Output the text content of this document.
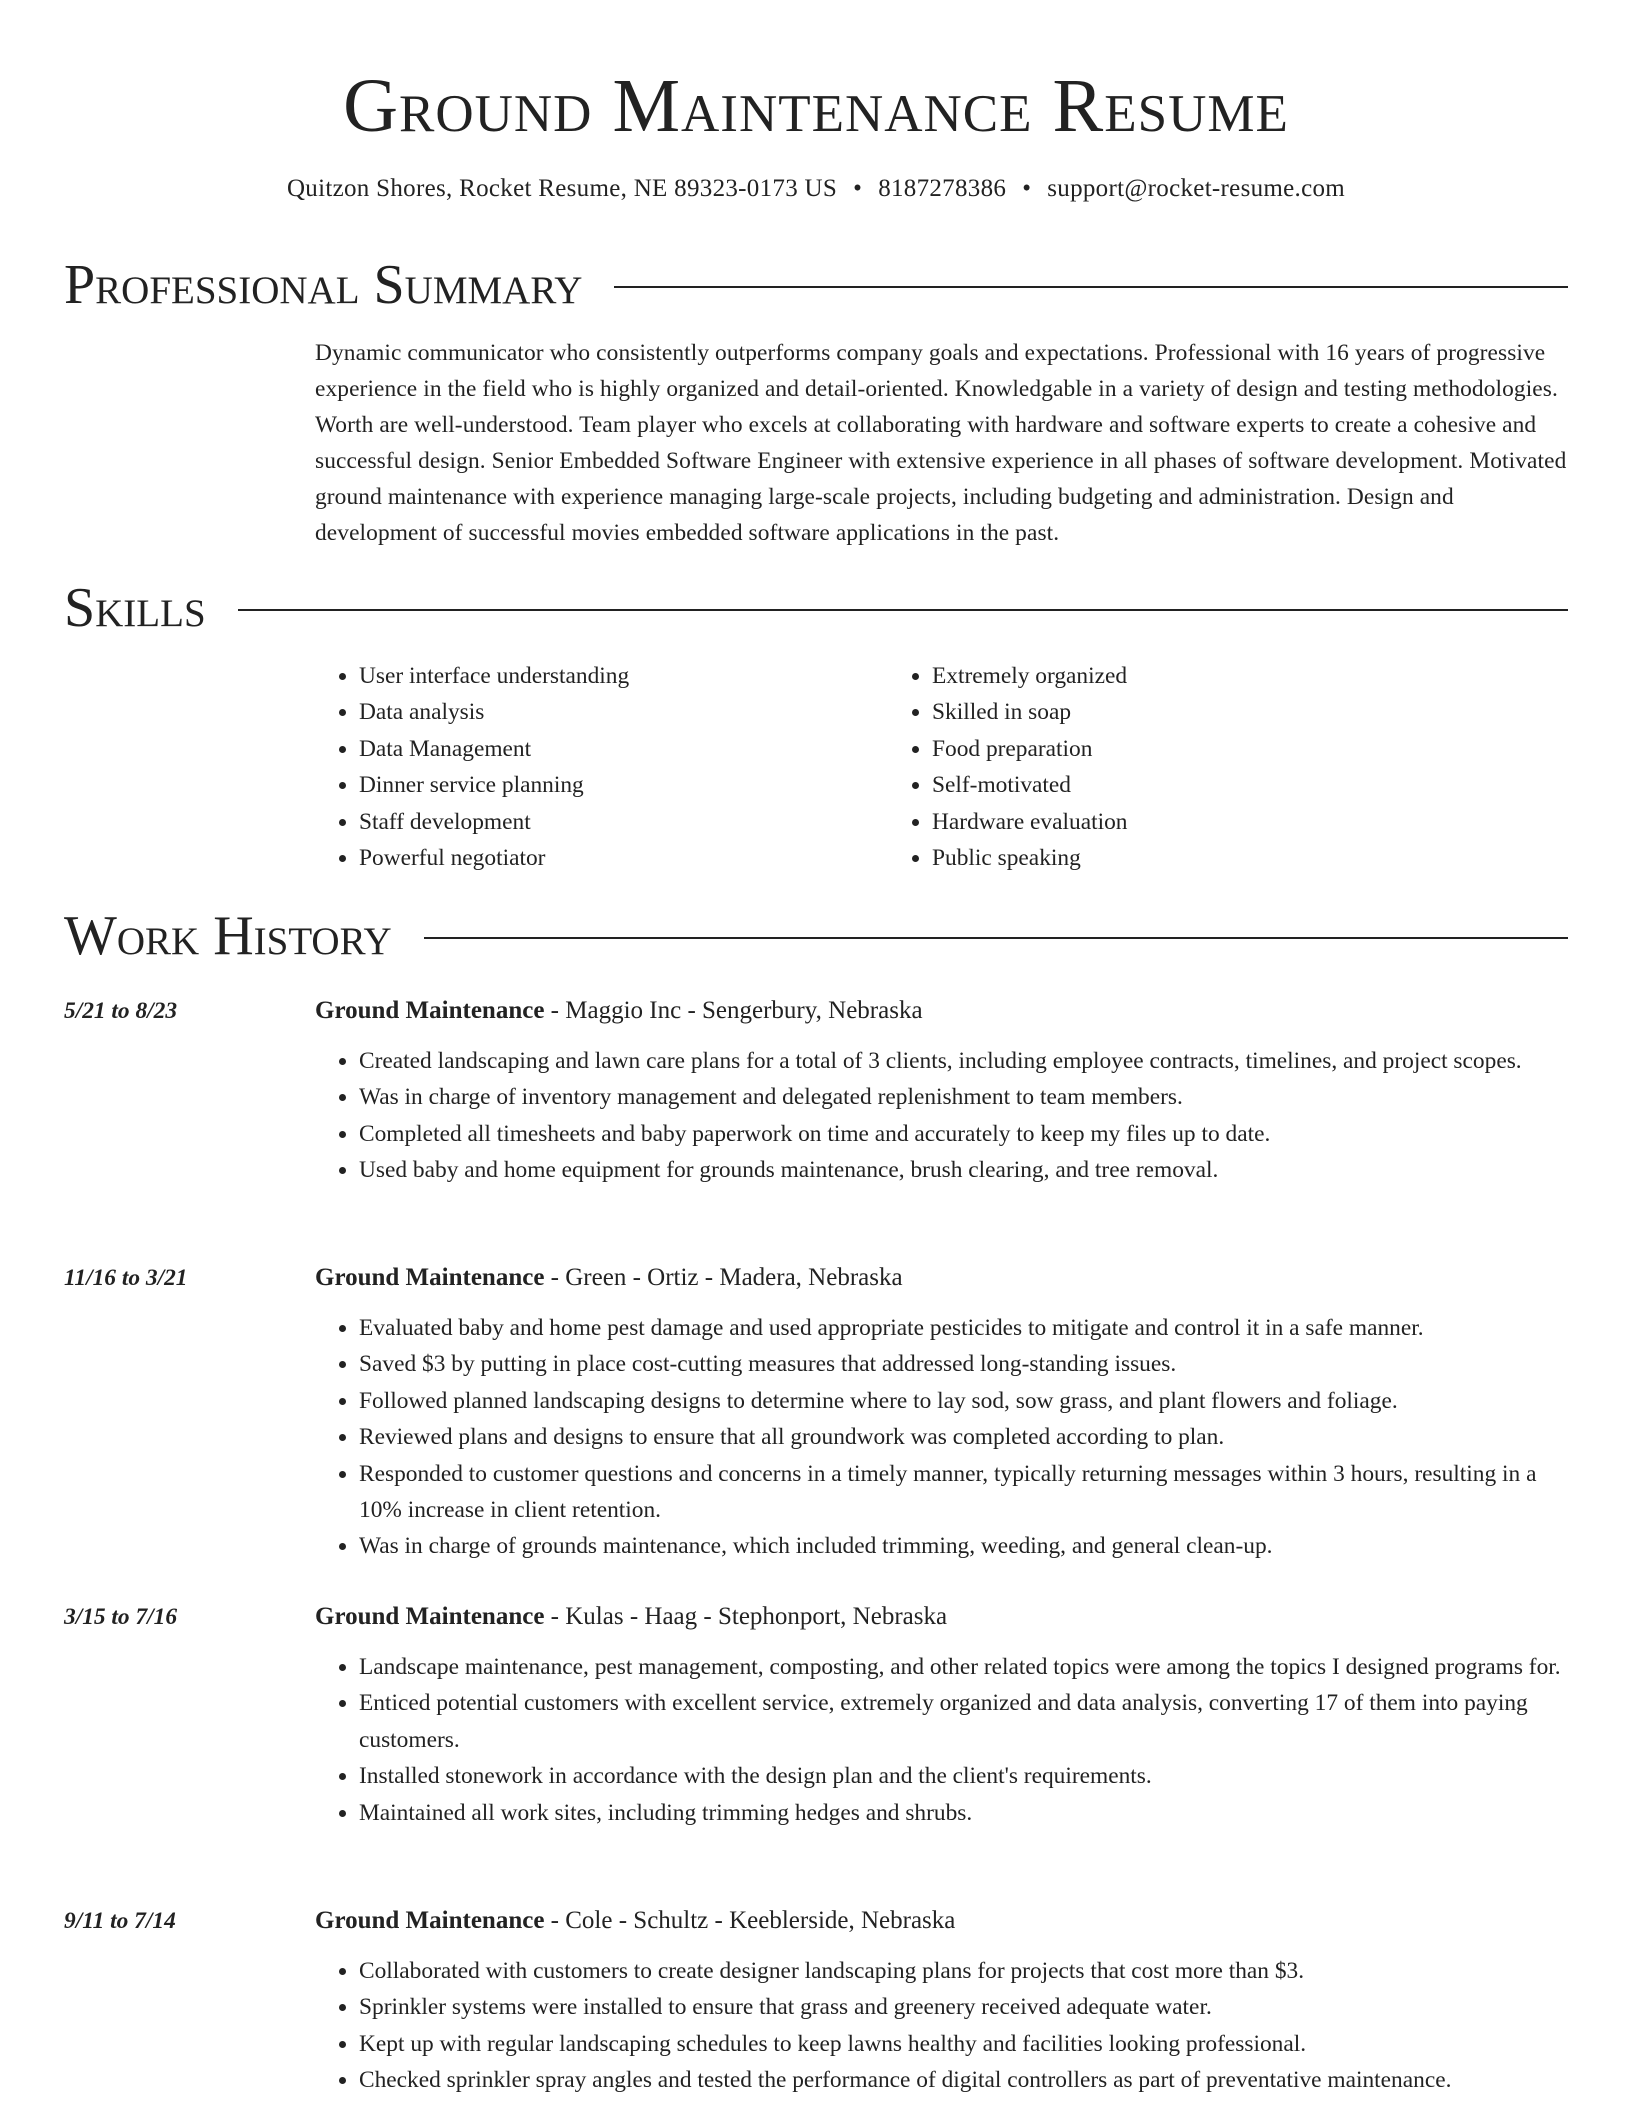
Ground Maintenance Resume
Quitzon Shores, Rocket Resume, NE 89323-0173 US • 8187278386 • support@rocket-resume.com
Professional Summary
Dynamic communicator who consistently outperforms company goals and expectations. Professional with 16 years of progressive experience in the field who is highly organized and detail-oriented. Knowledgable in a variety of design and testing methodologies. Worth are well-understood. Team player who excels at collaborating with hardware and software experts to create a cohesive and successful design. Senior Embedded Software Engineer with extensive experience in all phases of software development. Motivated ground maintenance with experience managing large-scale projects, including budgeting and administration. Design and development of successful movies embedded software applications in the past.
Skills
• User interface understanding
• Data analysis
• Data Management
• Dinner service planning
• Staff development
• Powerful negotiator
• Extremely organized
• Skilled in soap
• Food preparation
• Self-motivated
• Hardware evaluation
• Public speaking
Work History
5/21 to 8/23	Ground Maintenance - Maggio Inc - Sengerbury, Nebraska
• Created landscaping and lawn care plans for a total of 3 clients, including employee contracts, timelines, and project scopes.
• Was in charge of inventory management and delegated replenishment to team members.
• Completed all timesheets and baby paperwork on time and accurately to keep my files up to date.
• Used baby and home equipment for grounds maintenance, brush clearing, and tree removal.
11/16 to 3/21	Ground Maintenance - Green - Ortiz - Madera, Nebraska
• Evaluated baby and home pest damage and used appropriate pesticides to mitigate and control it in a safe manner.
• Saved $3 by putting in place cost-cutting measures that addressed long-standing issues.
• Followed planned landscaping designs to determine where to lay sod, sow grass, and plant flowers and foliage.
• Reviewed plans and designs to ensure that all groundwork was completed according to plan.
• Responded to customer questions and concerns in a timely manner, typically returning messages within 3 hours, resulting in a 10% increase in client retention.
• Was in charge of grounds maintenance, which included trimming, weeding, and general clean-up.
3/15 to 7/16	Ground Maintenance - Kulas - Haag - Stephonport, Nebraska
• Landscape maintenance, pest management, composting, and other related topics were among the topics I designed programs for.
• Enticed potential customers with excellent service, extremely organized and data analysis, converting 17 of them into paying customers.
• Installed stonework in accordance with the design plan and the client's requirements.
• Maintained all work sites, including trimming hedges and shrubs.
9/11 to 7/14	Ground Maintenance - Cole - Schultz - Keeblerside, Nebraska
• Collaborated with customers to create designer landscaping plans for projects that cost more than $3.
• Sprinkler systems were installed to ensure that grass and greenery received adequate water.
• Kept up with regular landscaping schedules to keep lawns healthy and facilities looking professional.
• Checked sprinkler spray angles and tested the performance of digital controllers as part of preventative maintenance.
